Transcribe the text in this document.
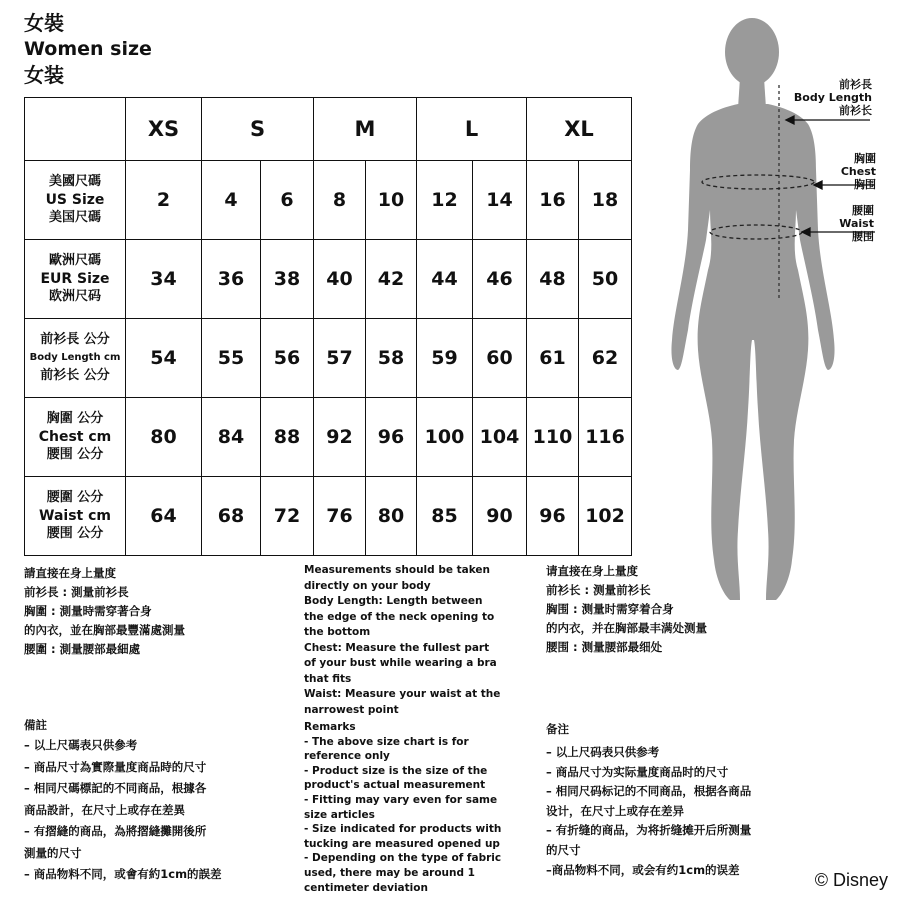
女裝
Women size
女装
	XS	S		M		L		XL	

美國尺碼
US Size
美国尺碼	2	4	6	8	10	12	14	16	18

歐洲尺碼
EUR Size
欧洲尺码	34	36	38	40	42	44	46	48	50

前衫長 公分
Body Length cm
前衫长 公分	54	55	56	57	58	59	60	61	62

胸圍 公分
Chest cm
腰围 公分	80	84	88	92	96	100	104	110	116

腰圍 公分
Waist cm
腰围 公分	64	68	72	76	80	85	90	96	102
前衫長
Body Length
前衫长
胸圍
Chest
胸围
腰圍
Waist
腰围
請直接在身上量度
前衫長 : 測量前衫長
胸圍 : 測量時需穿著合身
的內衣，並在胸部最豐滿處測量
腰圍 : 測量腰部最細處
Measurements should be taken
directly on your body
Body Length: Length between
the edge of the neck opening to
the bottom
Chest: Measure the fullest part
of your bust while wearing a bra
that fits
Waist: Measure your waist at the
narrowest point
请直接在身上量度
前衫长 : 测量前衫长
胸围 : 测量时需穿着合身
的内衣，并在胸部最丰满处测量
腰围 : 测量腰部最细处
備註
– 以上尺碼表只供參考
– 商品尺寸為實際量度商品時的尺寸
– 相同尺碼標記的不同商品，根據各
商品設計，在尺寸上或存在差異
– 有摺縫的商品，為將摺縫攤開後所
測量的尺寸
– 商品物料不同，或會有約1cm的誤差
Remarks
- The above size chart is for
reference only
- Product size is the size of the
product's actual measurement
- Fitting may vary even for same
size articles
- Size indicated for products with
tucking are measured opened up
- Depending on the type of fabric
used, there may be around 1
centimeter deviation
备注
– 以上尺码表只供参考
– 商品尺寸为实际量度商品时的尺寸
– 相同尺码标记的不同商品，根据各商品
设计，在尺寸上或存在差异
– 有折缝的商品，为将折缝摊开后所测量
的尺寸
–商品物料不同，或会有约1cm的误差
© Disney
